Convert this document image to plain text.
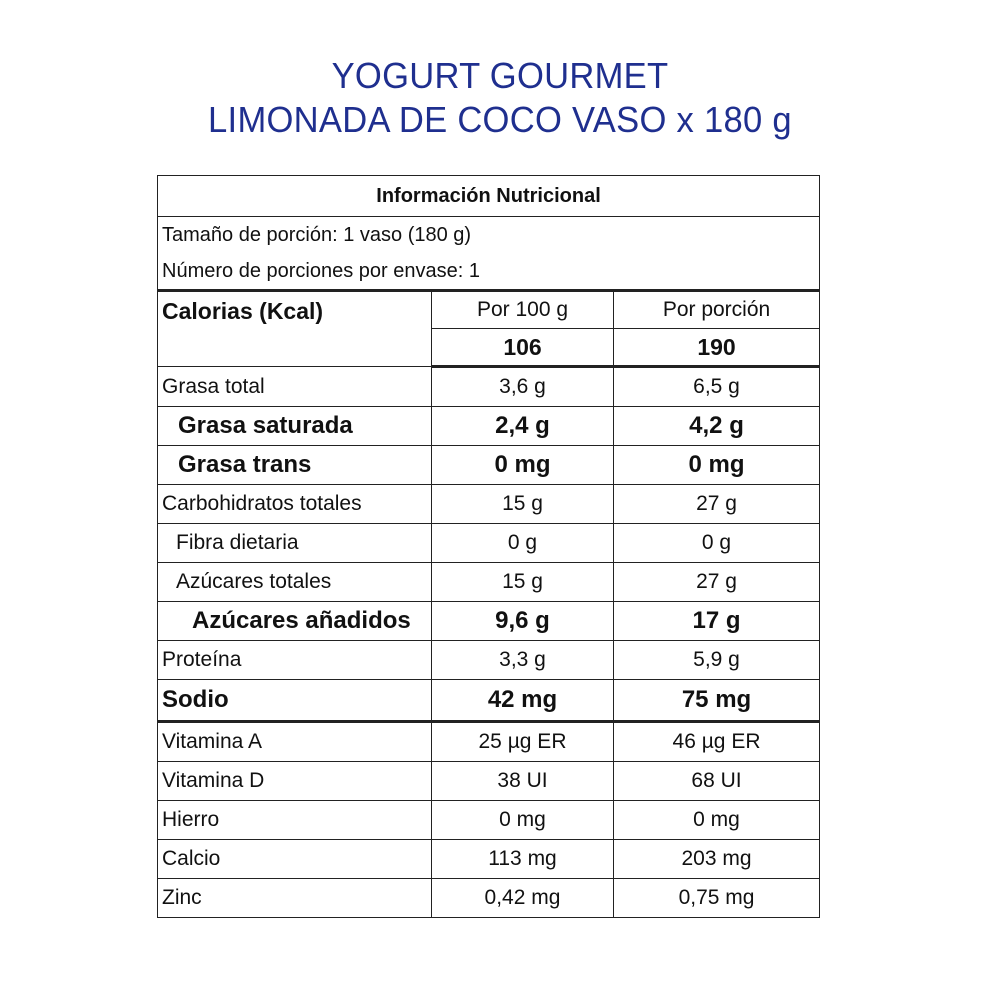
YOGURT GOURMET
LIMONADA DE COCO VASO x 180 g
Información Nutricional		
Tamaño de porción: 1 vaso (180 g)		
Número de porciones por envase: 1		
Calorias (Kcal)	Por 100 g	Por porción
	106	190
Grasa total	3,6 g	6,5 g
Grasa saturada	2,4 g	4,2 g
Grasa trans	0 mg	0 mg
Carbohidratos totales	15 g	27 g
Fibra dietaria	0 g	0 g
Azúcares totales	15 g	27 g
Azúcares añadidos	9,6 g	17 g
Proteína	3,3 g	5,9 g
Sodio	42 mg	75 mg
Vitamina A	25 µg ER	46 µg ER
Vitamina D	38 UI	68 UI
Hierro	0 mg	0 mg
Calcio	113 mg	203 mg
Zinc	0,42 mg	0,75 mg
